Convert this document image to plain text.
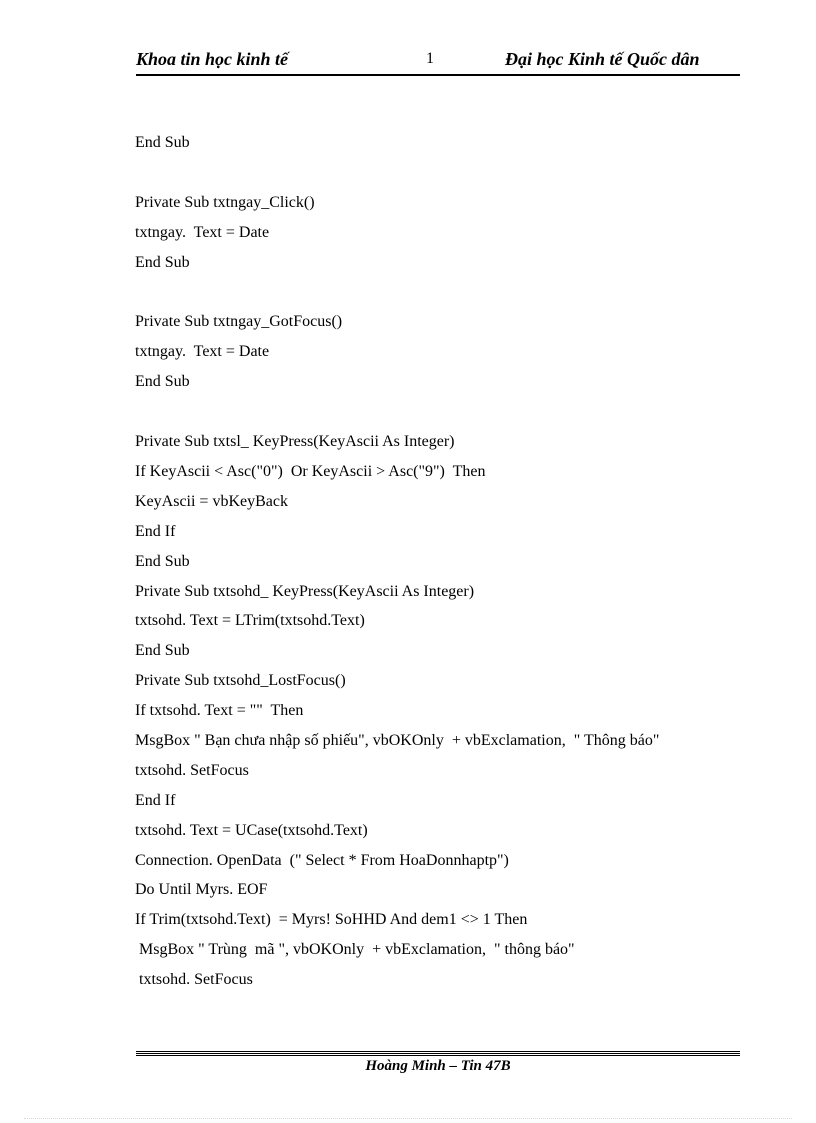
Khoa tin học kinh tế	1	Đại học Kinh tế Quốc dân
End Sub
Private Sub txtngay_Click()
txtngay.  Text = Date
End Sub
Private Sub txtngay_GotFocus()
txtngay.  Text = Date
End Sub
Private Sub txtsl_ KeyPress(KeyAscii As Integer)
If KeyAscii < Asc("0")  Or KeyAscii > Asc("9")  Then
KeyAscii = vbKeyBack
End If
End Sub
Private Sub txtsohd_ KeyPress(KeyAscii As Integer)
txtsohd. Text = LTrim(txtsohd.Text)
End Sub
Private Sub txtsohd_LostFocus()
If txtsohd. Text = ""  Then
MsgBox " Bạn chưa nhập số phiếu", vbOKOnly  + vbExclamation,  " Thông báo"
txtsohd. SetFocus
End If
txtsohd. Text = UCase(txtsohd.Text)
Connection. OpenData  (" Select * From HoaDonnhaptp")
Do Until Myrs. EOF
If Trim(txtsohd.Text)  = Myrs! SoHHD And dem1 <> 1 Then
MsgBox " Trùng  mã ", vbOKOnly  + vbExclamation,  " thông báo"
txtsohd. SetFocus
Hoàng Minh – Tin 47B
